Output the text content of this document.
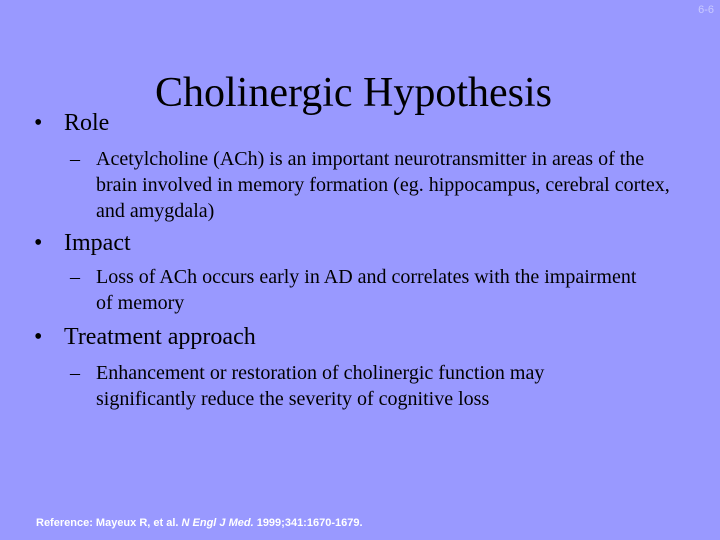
6-6
Cholinergic Hypothesis
• Role
– Acetylcholine (ACh) is an important neurotransmitter in areas of the brain involved in memory formation (eg. hippocampus, cerebral cortex, and amygdala)
• Impact
– Loss of ACh occurs early in AD and correlates with the impairment of memory
• Treatment approach
– Enhancement or restoration of cholinergic function may significantly reduce the severity of cognitive loss
Reference: Mayeux R, et al. N Engl J Med. 1999;341:1670-1679.
